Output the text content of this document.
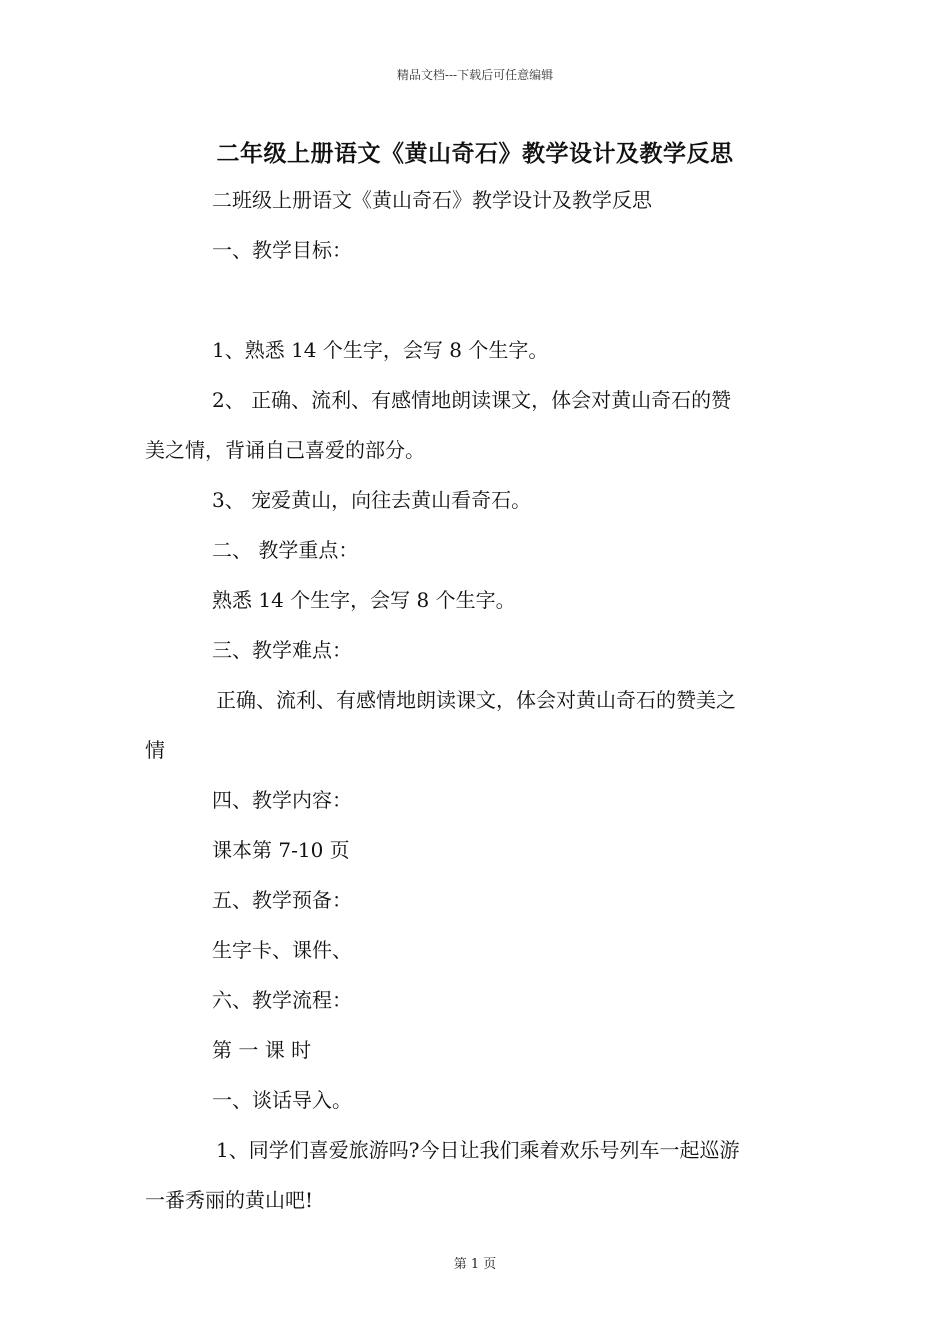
精品文档---下载后可任意编辑
二年级上册语文《黄山奇石》教学设计及教学反思
二班级上册语文《黄山奇石》教学设计及教学反思
一、教学目标：
1、熟悉 14 个生字，会写 8 个生字。
2、 正确、流利、有感情地朗读课文，体会对黄山奇石的赞
美之情，背诵自己喜爱的部分。
3、 宠爱黄山，向往去黄山看奇石。
二、 教学重点：
熟悉 14 个生字，会写 8 个生字。
三、教学难点：
正确、流利、有感情地朗读课文，体会对黄山奇石的赞美之
情
四、教学内容：
课本第 7-10 页
五、教学预备：
生字卡、课件、
六、教学流程：
第 一 课 时
一、谈话导入。
1、同学们喜爱旅游吗?今日让我们乘着欢乐号列车一起巡游
一番秀丽的黄山吧!
第 1 页
